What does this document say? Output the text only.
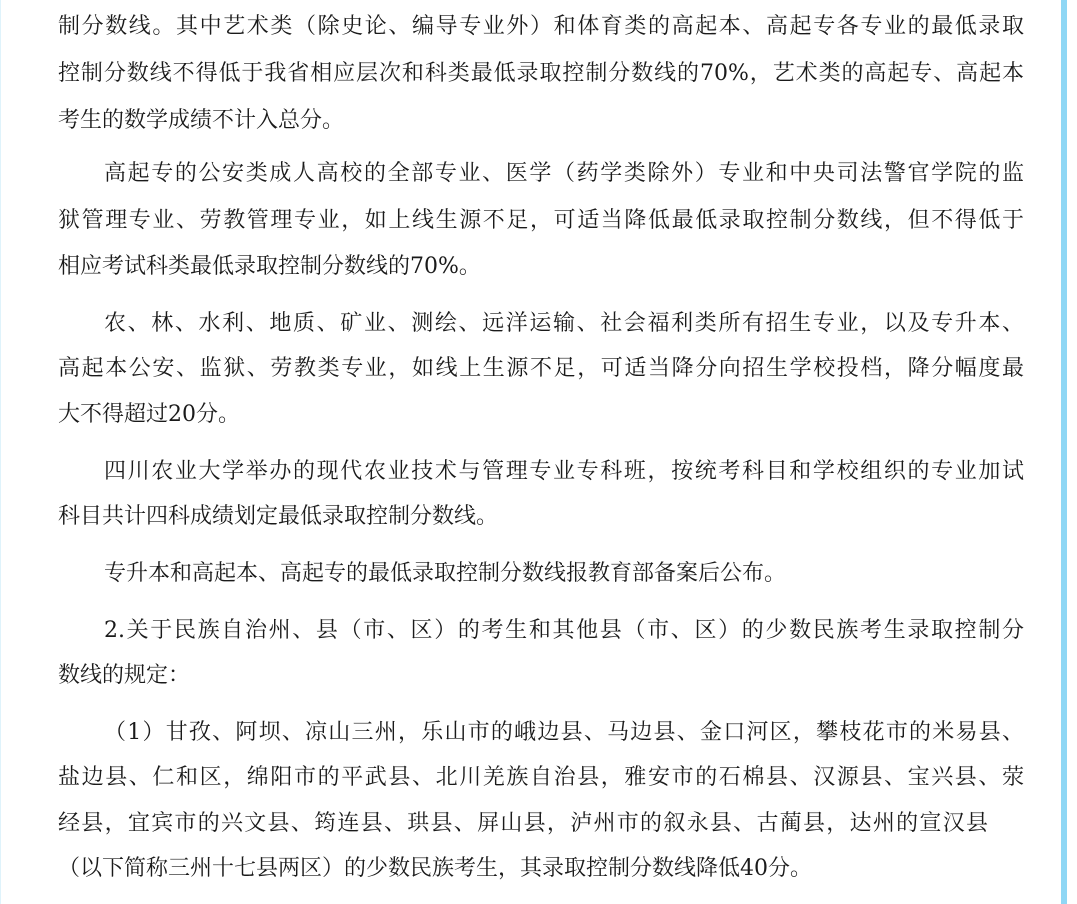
制分数线。其中艺术类（除史论、编导专业外）和体育类的高起本、高起专各专业的最低录取
控制分数线不得低于我省相应层次和科类最低录取控制分数线的70%，艺术类的高起专、高起本
考生的数学成绩不计入总分。
高起专的公安类成人高校的全部专业、医学（药学类除外）专业和中央司法警官学院的监
狱管理专业、劳教管理专业，如上线生源不足，可适当降低最低录取控制分数线，但不得低于
相应考试科类最低录取控制分数线的70%。
农、林、水利、地质、矿业、测绘、远洋运输、社会福利类所有招生专业，以及专升本、
高起本公安、监狱、劳教类专业，如线上生源不足，可适当降分向招生学校投档，降分幅度最
大不得超过20分。
四川农业大学举办的现代农业技术与管理专业专科班，按统考科目和学校组织的专业加试
科目共计四科成绩划定最低录取控制分数线。
专升本和高起本、高起专的最低录取控制分数线报教育部备案后公布。
2.关于民族自治州、县（市、区）的考生和其他县（市、区）的少数民族考生录取控制分
数线的规定：
（1）甘孜、阿坝、凉山三州，乐山市的峨边县、马边县、金口河区，攀枝花市的米易县、
盐边县、仁和区，绵阳市的平武县、北川羌族自治县，雅安市的石棉县、汉源县、宝兴县、荥
经县，宜宾市的兴文县、筠连县、珙县、屏山县，泸州市的叙永县、古蔺县，达州的宣汉县
（以下简称三州十七县两区）的少数民族考生，其录取控制分数线降低40分。
